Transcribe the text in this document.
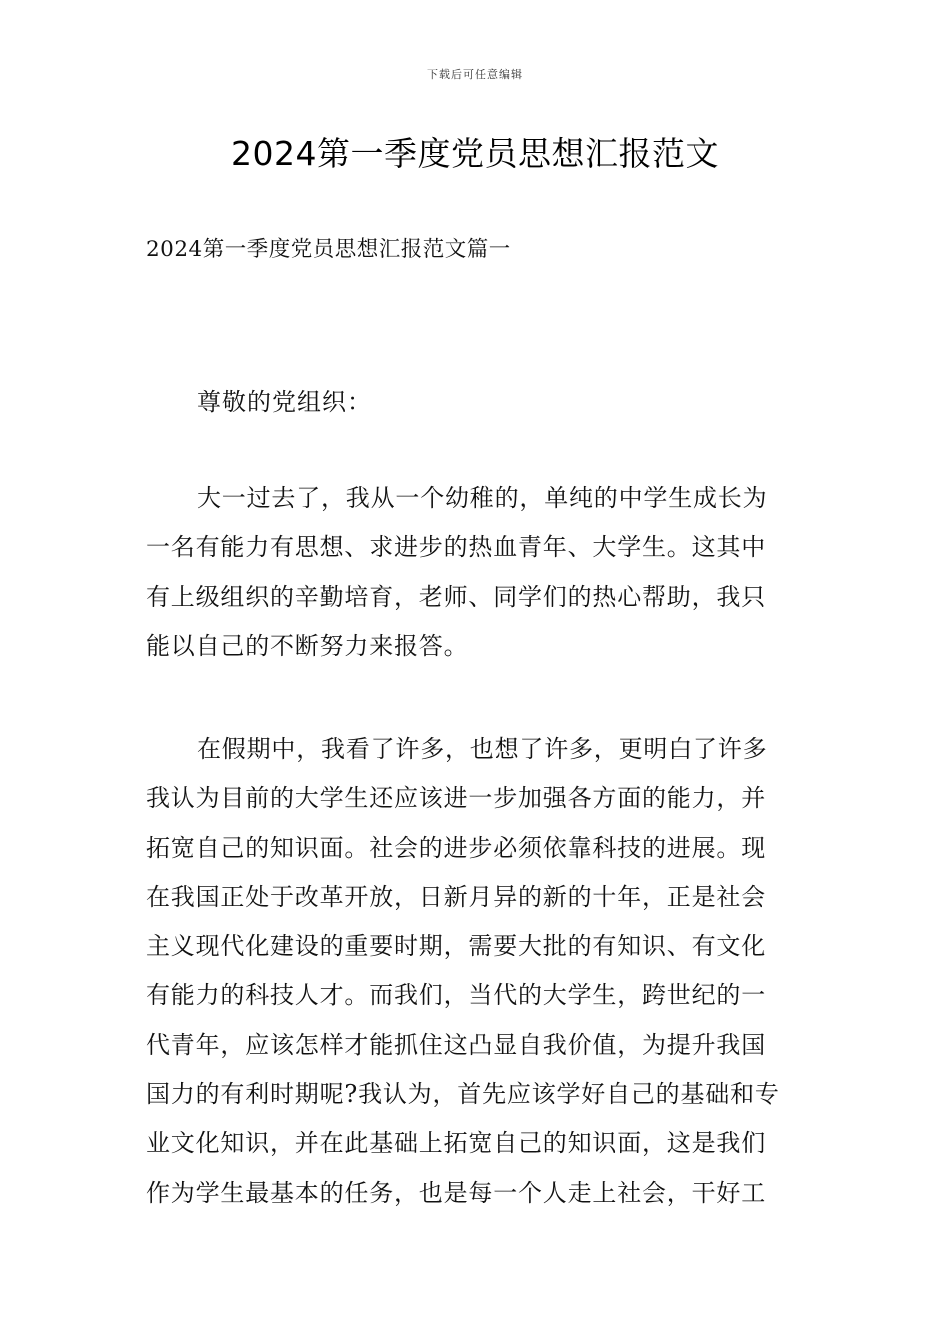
下载后可任意编辑
2024第一季度党员思想汇报范文
2024第一季度党员思想汇报范文篇一
尊敬的党组织：
大一过去了，我从一个幼稚的，单纯的中学生成长为
一名有能力有思想、求进步的热血青年、大学生。这其中
有上级组织的辛勤培育，老师、同学们的热心帮助，我只
能以自己的不断努力来报答。
在假期中，我看了许多，也想了许多，更明白了许多
我认为目前的大学生还应该进一步加强各方面的能力，并
拓宽自己的知识面。社会的进步必须依靠科技的进展。现
在我国正处于改革开放，日新月异的新的十年，正是社会
主义现代化建设的重要时期，需要大批的有知识、有文化
有能力的科技人才。而我们，当代的大学生，跨世纪的一
代青年，应该怎样才能抓住这凸显自我价值，为提升我国
国力的有利时期呢?我认为，首先应该学好自己的基础和专
业文化知识，并在此基础上拓宽自己的知识面，这是我们
作为学生最基本的任务，也是每一个人走上社会，干好工
